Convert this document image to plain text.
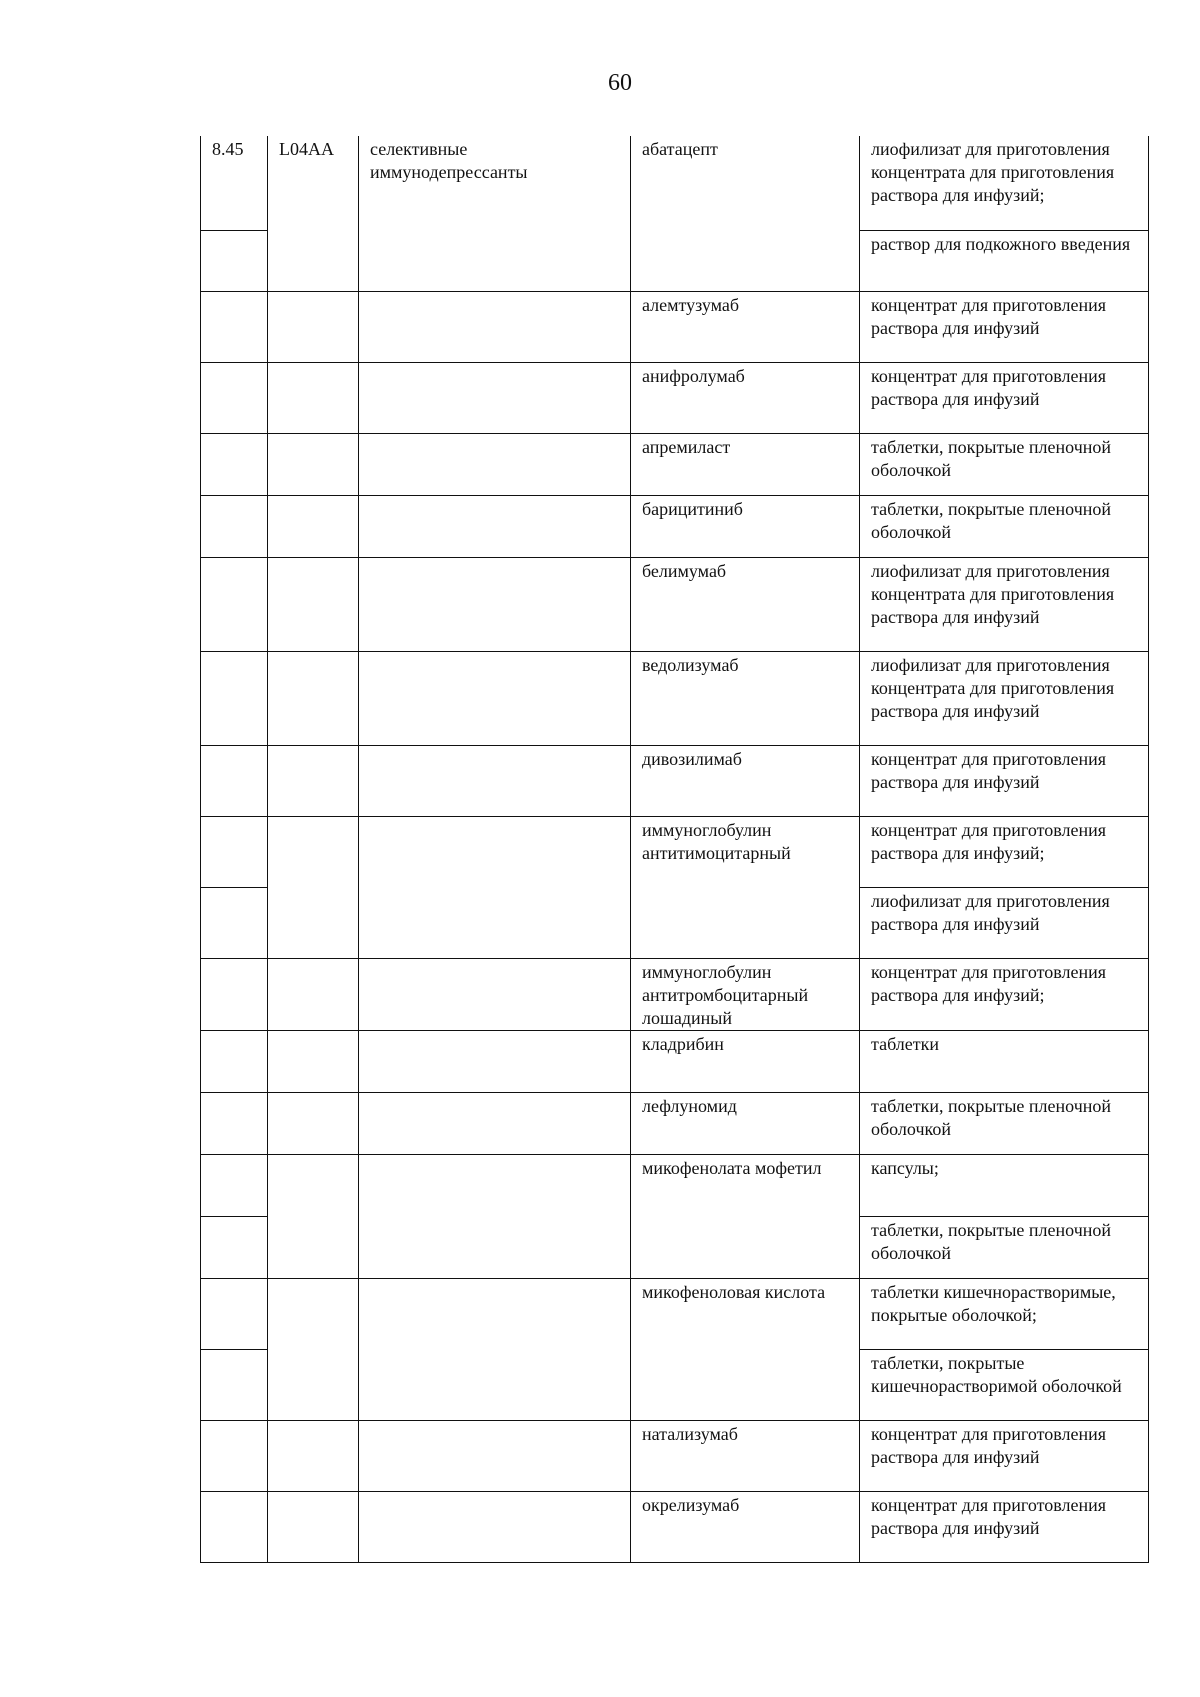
60
8.45	L04AA	селективные иммунодепрессанты	абатацепт	лиофилизат для приготовления концентрата для приготовления раствора для инфузий;
				раствор для подкожного введения
			алемтузумаб	концентрат для приготовления раствора для инфузий
			анифролумаб	концентрат для приготовления раствора для инфузий
			апремиласт	таблетки, покрытые пленочной оболочкой
			барицитиниб	таблетки, покрытые пленочной оболочкой
			белимумаб	лиофилизат для приготовления концентрата для приготовления раствора для инфузий
			ведолизумаб	лиофилизат для приготовления концентрата для приготовления раствора для инфузий
			дивозилимаб	концентрат для приготовления раствора для инфузий
			иммуноглобулин антитимоцитарный	концентрат для приготовления раствора для инфузий;
				лиофилизат для приготовления раствора для инфузий
			иммуноглобулин антитромбоцитарный лошадиный	концентрат для приготовления раствора для инфузий;
			кладрибин	таблетки
			лефлуномид	таблетки, покрытые пленочной оболочкой
			микофенолата мофетил	капсулы;
				таблетки, покрытые пленочной оболочкой
			микофеноловая кислота	таблетки кишечнорастворимые, покрытые оболочкой;
				таблетки, покрытые кишечнорастворимой оболочкой
			натализумаб	концентрат для приготовления раствора для инфузий
			окрелизумаб	концентрат для приготовления раствора для инфузий
